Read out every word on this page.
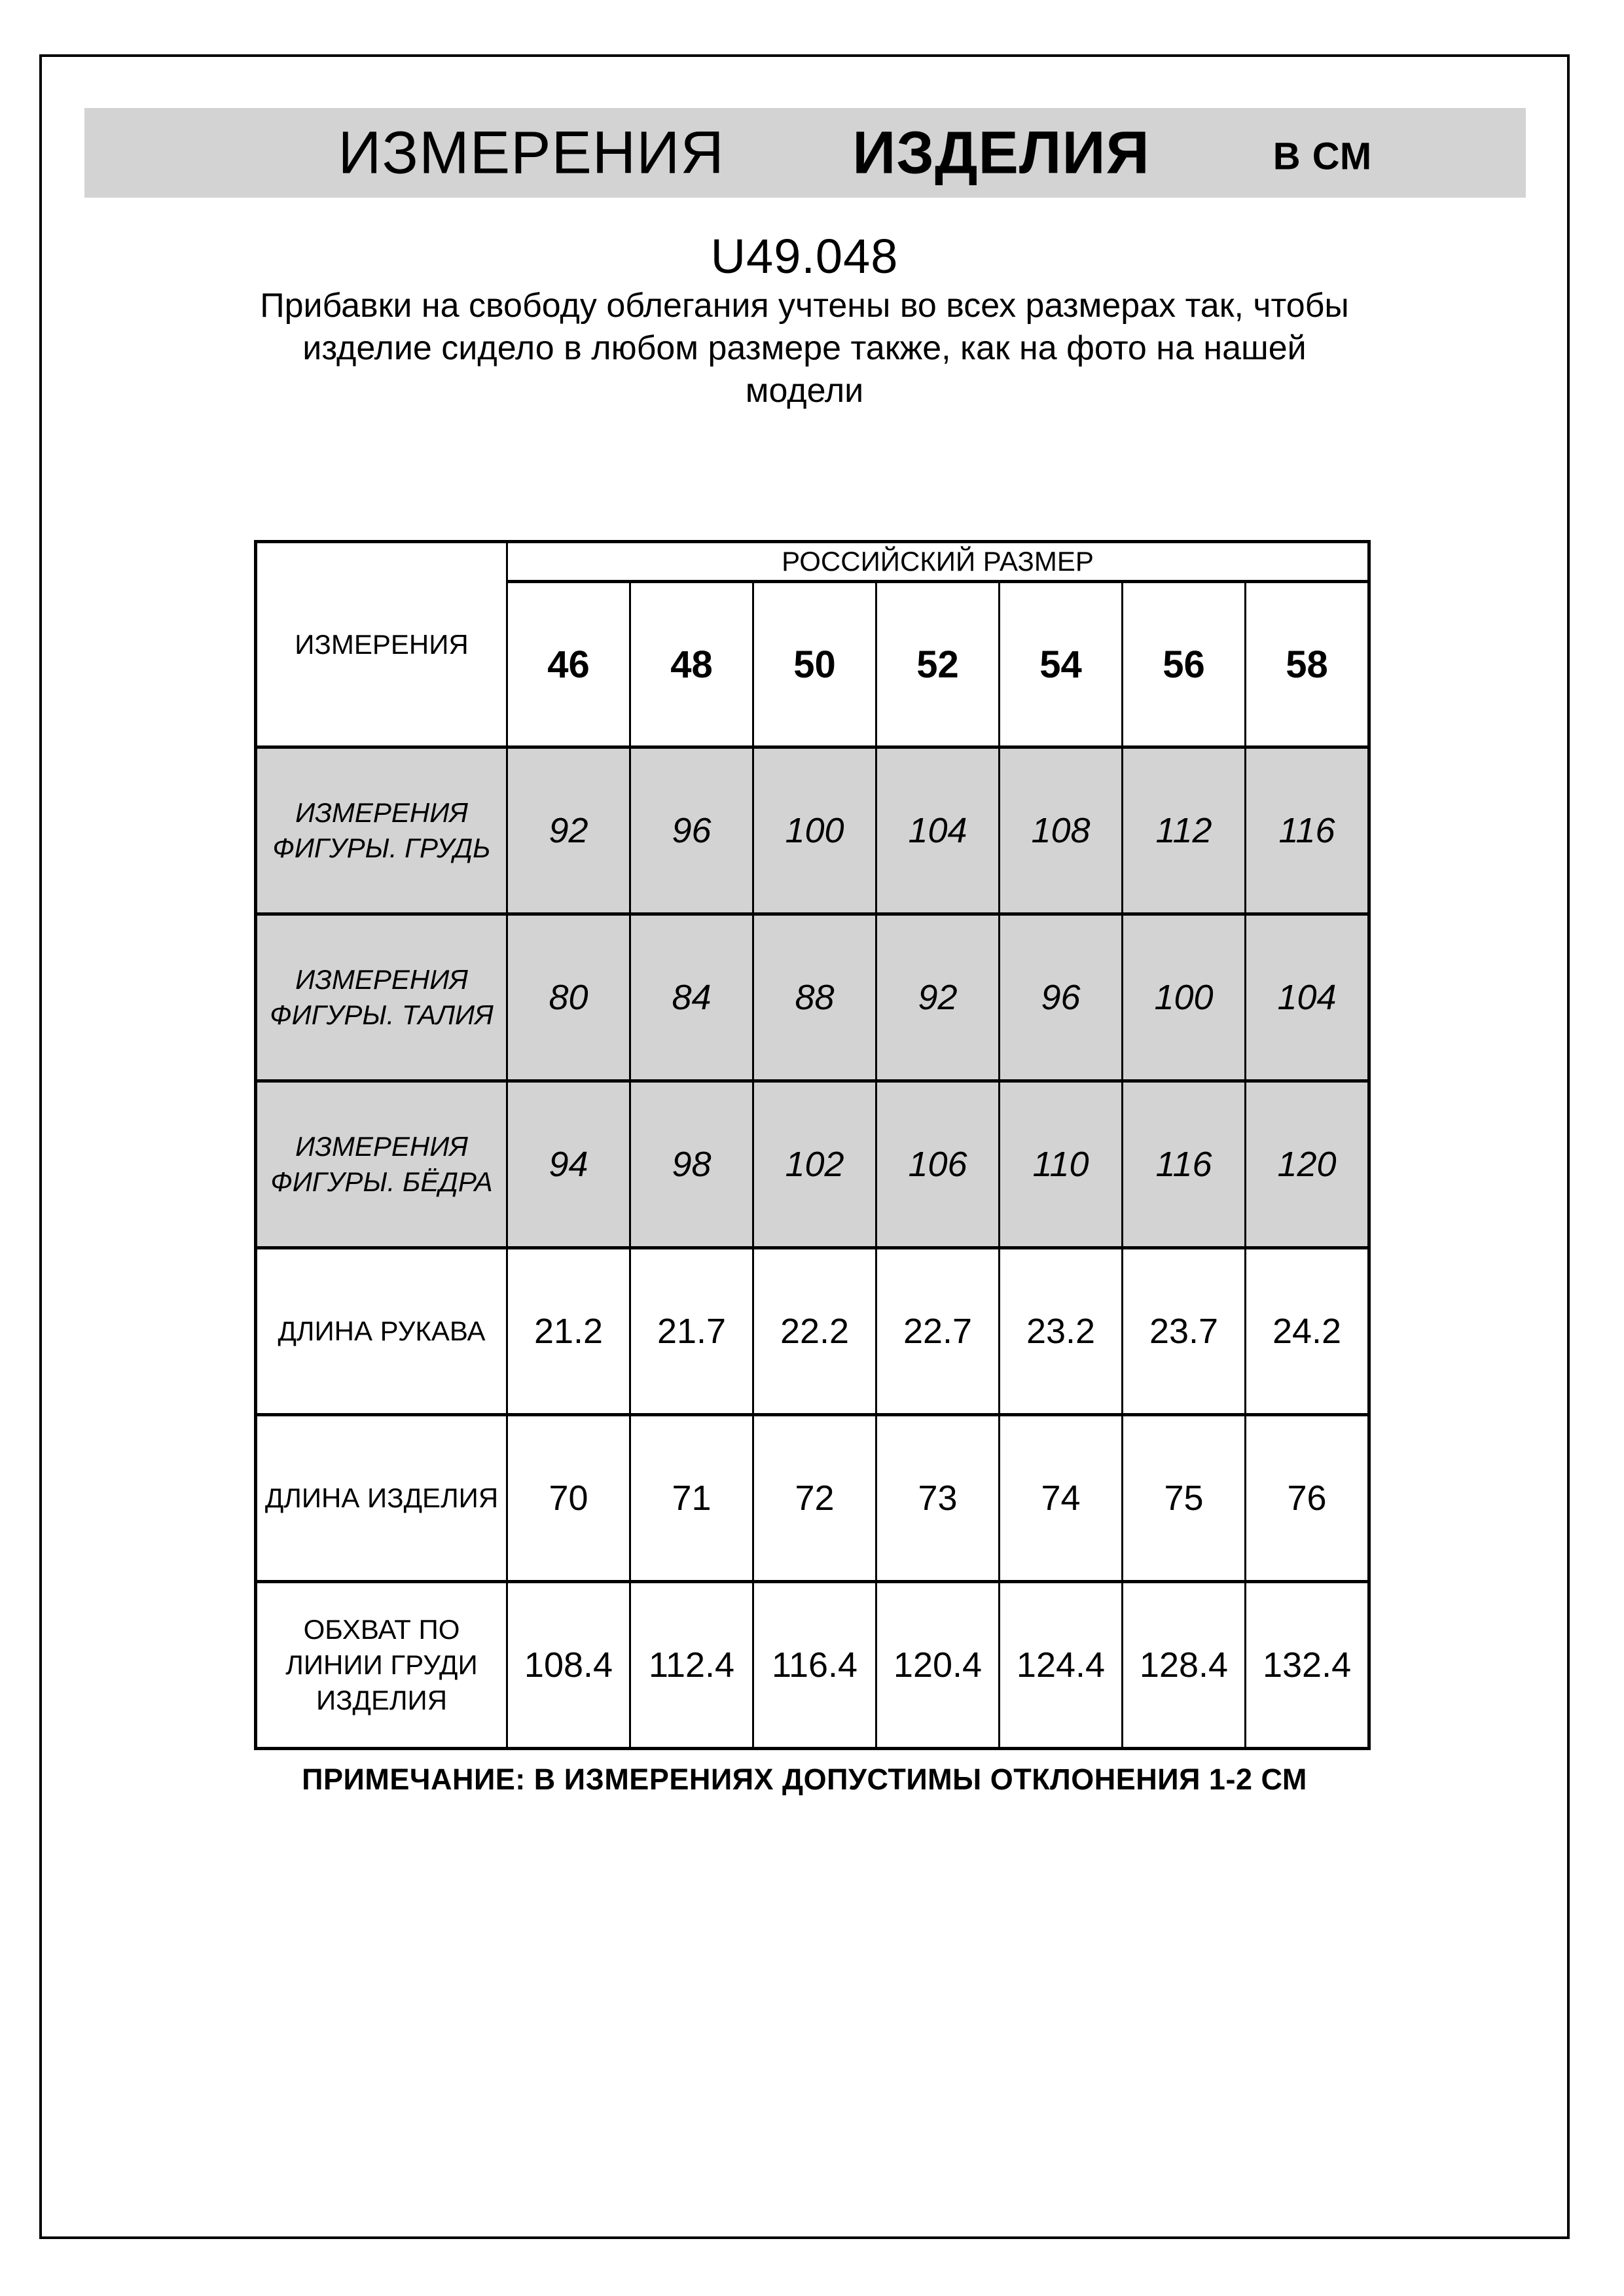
ИЗМЕРЕНИЯ ИЗДЕЛИЯ	В СМ
U49.048
Прибавки на свободу облегания учтены во всех размерах так, чтобы изделие сидело в любом размере также, как на фото на нашей модели
ИЗМЕРЕНИЯ	РОССИЙСКИЙ РАЗМЕР						
	46	48	50	52	54	56	58
ИЗМЕРЕНИЯ ФИГУРЫ. ГРУДЬ	92	96	100	104	108	112	116
ИЗМЕРЕНИЯ ФИГУРЫ. ТАЛИЯ	80	84	88	92	96	100	104
ИЗМЕРЕНИЯ ФИГУРЫ. БЁДРА	94	98	102	106	110	116	120
ДЛИНА РУКАВА	21.2	21.7	22.2	22.7	23.2	23.7	24.2
ДЛИНА ИЗДЕЛИЯ	70	71	72	73	74	75	76
ОБХВАТ ПО ЛИНИИ ГРУДИ ИЗДЕЛИЯ	108.4	112.4	116.4	120.4	124.4	128.4	132.4
ПРИМЕЧАНИЕ: В ИЗМЕРЕНИЯХ ДОПУСТИМЫ ОТКЛОНЕНИЯ 1-2 СМ
